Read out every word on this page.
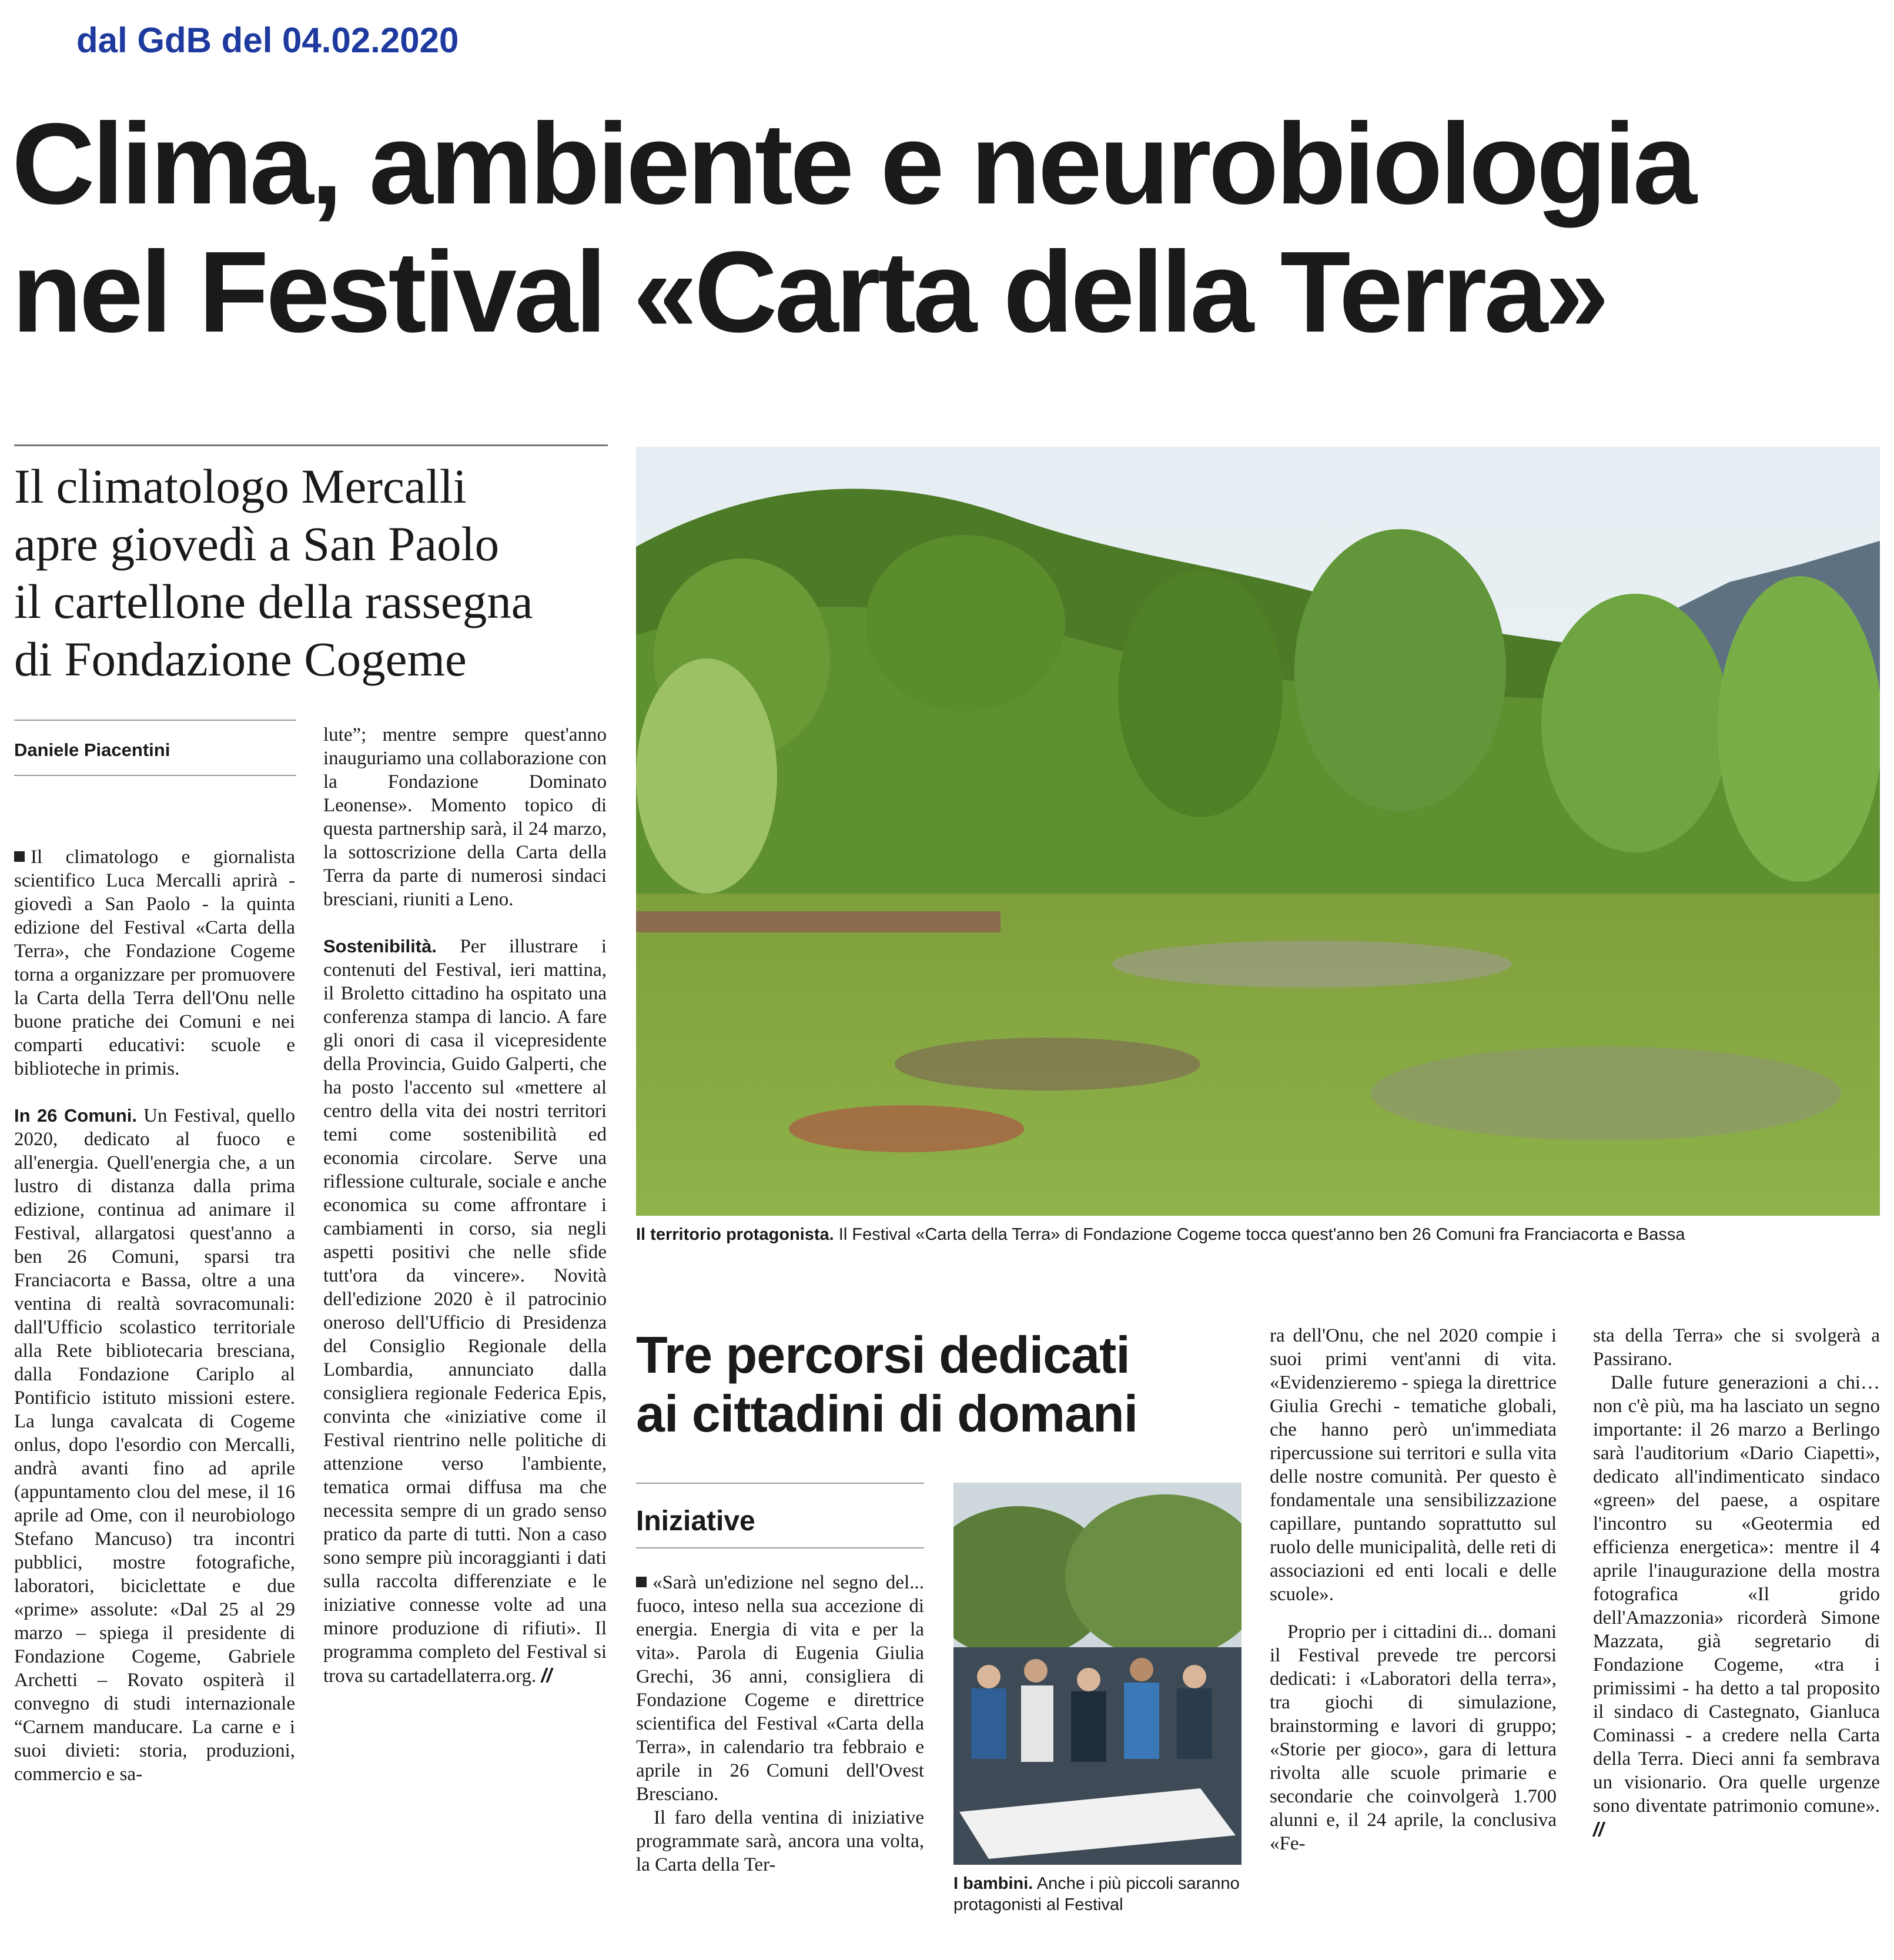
dal GdB del 04.02.2020
Clima, ambiente e neurobiologia
nel Festival «Carta della Terra»
Il climatologo Mercalli
apre giovedì a San Paolo
il cartellone della rassegna
di Fondazione Cogeme
Daniele Piacentini

Il climatologo e giornalista scientifico Luca Mercalli aprirà - giovedì a San Paolo - la quinta edizione del Festival «Carta della Terra», che Fondazione Cogeme torna a organizzare per promuovere la Carta della Terra dell'Onu nelle buone pratiche dei Comuni e nei comparti educativi: scuole e biblioteche in primis.

In 26 Comuni. Un Festival, quello 2020, dedicato al fuoco e all'energia. Quell'energia che, a un lustro di distanza dalla prima edizione, continua ad animare il Festival, allargatosi quest'anno a ben 26 Comuni, sparsi tra Franciacorta e Bassa, oltre a una ventina di realtà sovracomunali: dall'Ufficio scolastico territoriale alla Rete bibliotecaria bresciana, dalla Fondazione Cariplo al Pontificio istituto missioni estere. La lunga cavalcata di Cogeme onlus, dopo l'esordio con Mercalli, andrà avanti fino ad aprile (appuntamento clou del mese, il 16 aprile ad Ome, con il neurobiologo Stefano Mancuso) tra incontri pubblici, mostre fotografiche, laboratori, biciclettate e due «prime» assolute: «Dal 25 al 29 marzo – spiega il presidente di Fondazione Cogeme, Gabriele Archetti – Rovato ospiterà il convegno di studi internazionale “Carnem manducare. La carne e i suoi divieti: storia, produzioni, commercio e sa-

lute”; mentre sempre quest'anno inauguriamo una collaborazione con la Fondazione Dominato Leonense». Momento topico di questa partnership sarà, il 24 marzo, la sottoscrizione della Carta della Terra da parte di numerosi sindaci bresciani, riuniti a Leno.

Sostenibilità. Per illustrare i contenuti del Festival, ieri mattina, il Broletto cittadino ha ospitato una conferenza stampa di lancio. A fare gli onori di casa il vicepresidente della Provincia, Guido Galperti, che ha posto l'accento sul «mettere al centro della vita dei nostri territori temi come sostenibilità ed economia circolare. Serve una riflessione culturale, sociale e anche economica su come affrontare i cambiamenti in corso, sia negli aspetti positivi che nelle sfide tutt'ora da vincere». Novità dell'edizione 2020 è il patrocinio oneroso dell'Ufficio di Presidenza del Consiglio Regionale della Lombardia, annunciato dalla consigliera regionale Federica Epis, convinta che «iniziative come il Festival rientrino nelle politiche di attenzione verso l'ambiente, tematica ormai diffusa ma che necessita sempre di un grado senso pratico da parte di tutti. Non a caso sono sempre più incoraggianti i dati sulla raccolta differenziate e le iniziative connesse volte ad una minore produzione di rifiuti». Il programma completo del Festival si trova su cartadellaterra.org. //

Il territorio protagonista. Il Festival «Carta della Terra» di Fondazione Cogeme tocca quest'anno ben 26 Comuni fra Franciacorta e Bassa
Tre percorsi dedicati
ai cittadini di domani
Iniziative

«Sarà un'edizione nel segno del... fuoco, inteso nella sua accezione di energia. Energia di vita e per la vita». Parola di Eugenia Giulia Grechi, 36 anni, consigliera di Fondazione Cogeme e direttrice scientifica del Festival «Carta della Terra», in calendario tra febbraio e aprile in 26 Comuni dell'Ovest Bresciano.

Il faro della ventina di iniziative programmate sarà, ancora una volta, la Carta della Ter-

I bambini. Anche i più piccoli saranno protagonisti al Festival

ra dell'Onu, che nel 2020 compie i suoi primi vent'anni di vita. «Evidenzieremo - spiega la direttrice Giulia Grechi - tematiche globali, che hanno però un'immediata ripercussione sui territori e sulla vita delle nostre comunità. Per questo è fondamentale una sensibilizzazione capillare, puntando soprattutto sul ruolo delle municipalità, delle reti di associazioni ed enti locali e delle scuole».

Proprio per i cittadini di... domani il Festival prevede tre percorsi dedicati: i «Laboratori della terra», tra giochi di simulazione, brainstorming e lavori di gruppo; «Storie per gioco», gara di lettura rivolta alle scuole primarie e secondarie che coinvolgerà 1.700 alunni e, il 24 aprile, la conclusiva «Fe-

sta della Terra» che si svolgerà a Passirano.

Dalle future generazioni a chi… non c'è più, ma ha lasciato un segno importante: il 26 marzo a Berlingo sarà l'auditorium «Dario Ciapetti», dedicato all'indimenticato sindaco «green» del paese, a ospitare l'incontro su «Geotermia ed efficienza energetica»: mentre il 4 aprile l'inaugurazione della mostra fotografica «Il grido dell'Amazzonia» ricorderà Simone Mazzata, già segretario di Fondazione Cogeme, «tra i primissimi - ha detto a tal proposito il sindaco di Castegnato, Gianluca Cominassi - a credere nella Carta della Terra. Dieci anni fa sembrava un visionario. Ora quelle urgenze sono diventate patrimonio comune». //
